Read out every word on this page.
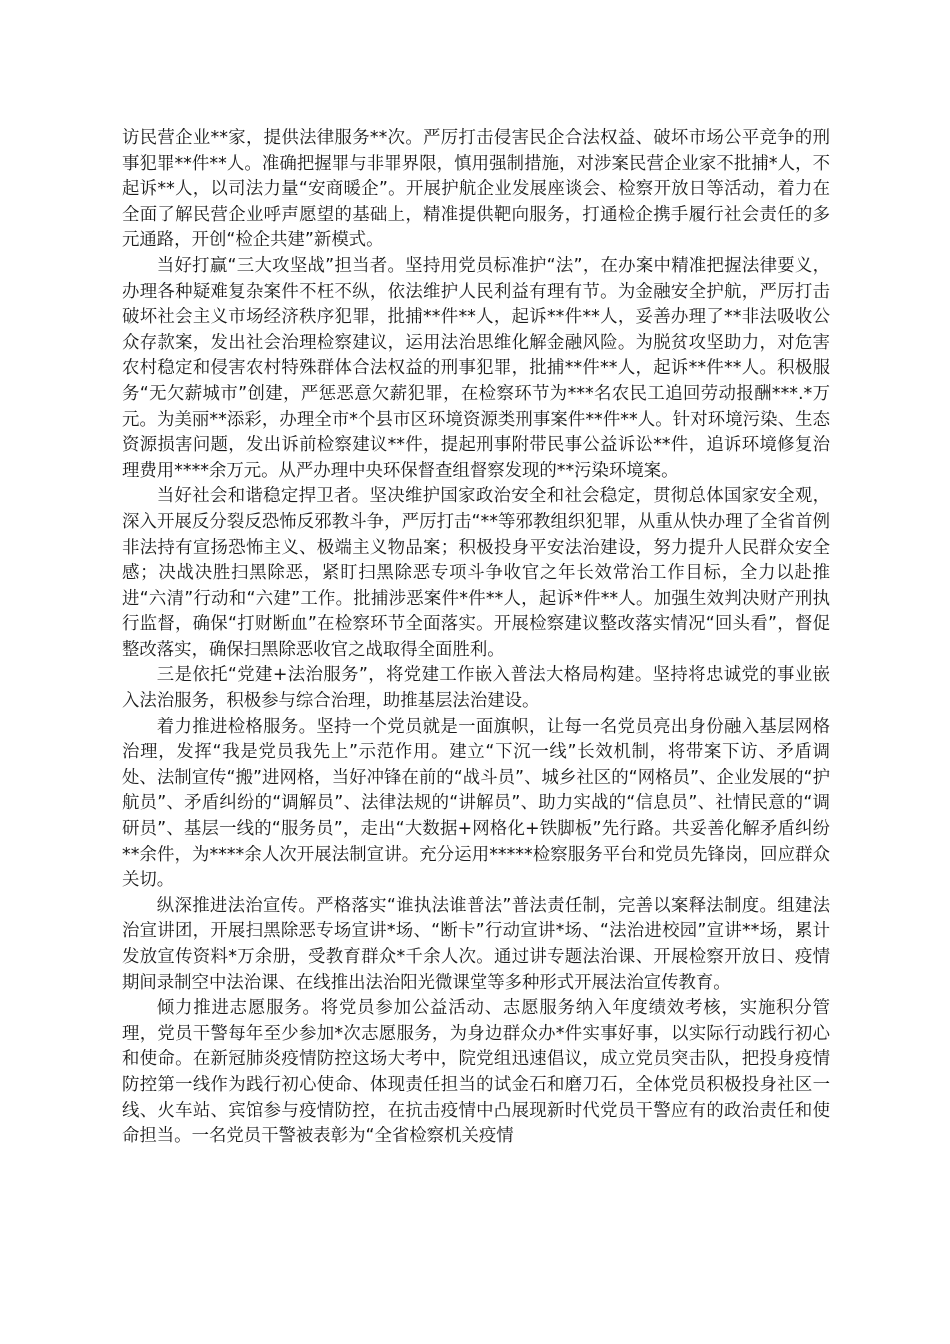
访民营企业**家，提供法律服务**次。严厉打击侵害民企合法权益、破坏市场公平竞争的刑事犯罪**件**人。准确把握罪与非罪界限，慎用强制措施，对涉案民营企业家不批捕*人，不起诉**人，以司法力量“安商暖企”。开展护航企业发展座谈会、检察开放日等活动，着力在全面了解民营企业呼声愿望的基础上，精准提供靶向服务，打通检企携手履行社会责任的多元通路，开创“检企共建”新模式。

当好打赢“三大攻坚战”担当者。坚持用党员标准护“法”，在办案中精准把握法律要义，办理各种疑难复杂案件不枉不纵，依法维护人民利益有理有节。为金融安全护航，严厉打击破坏社会主义市场经济秩序犯罪，批捕**件**人，起诉**件**人，妥善办理了**非法吸收公众存款案，发出社会治理检察建议，运用法治思维化解金融风险。为脱贫攻坚助力，对危害农村稳定和侵害农村特殊群体合法权益的刑事犯罪，批捕**件**人，起诉**件**人。积极服务“无欠薪城市”创建，严惩恶意欠薪犯罪，在检察环节为***名农民工追回劳动报酬***.*万元。为美丽**添彩，办理全市*个县市区环境资源类刑事案件**件**人。针对环境污染、生态资源损害问题，发出诉前检察建议**件，提起刑事附带民事公益诉讼**件，追诉环境修复治理费用****余万元。从严办理中央环保督查组督察发现的**污染环境案。

当好社会和谐稳定捍卫者。坚决维护国家政治安全和社会稳定，贯彻总体国家安全观，深入开展反分裂反恐怖反邪教斗争，严厉打击“**等邪教组织犯罪，从重从快办理了全省首例非法持有宣扬恐怖主义、极端主义物品案；积极投身平安法治建设，努力提升人民群众安全感；决战决胜扫黑除恶，紧盯扫黑除恶专项斗争收官之年长效常治工作目标，全力以赴推进“六清”行动和“六建”工作。批捕涉恶案件*件**人，起诉*件**人。加强生效判决财产刑执行监督，确保“打财断血”在检察环节全面落实。开展检察建议整改落实情况“回头看”，督促整改落实，确保扫黑除恶收官之战取得全面胜利。

三是依托“党建+法治服务”，将党建工作嵌入普法大格局构建。坚持将忠诚党的事业嵌入法治服务，积极参与综合治理，助推基层法治建设。

着力推进检格服务。坚持一个党员就是一面旗帜，让每一名党员亮出身份融入基层网格治理，发挥“我是党员我先上”示范作用。建立“下沉一线”长效机制，将带案下访、矛盾调处、法制宣传“搬”进网格，当好冲锋在前的“战斗员”、城乡社区的“网格员”、企业发展的“护航员”、矛盾纠纷的“调解员”、法律法规的“讲解员”、助力实战的“信息员”、社情民意的“调研员”、基层一线的“服务员”，走出“大数据+网格化+铁脚板”先行路。共妥善化解矛盾纠纷**余件，为****余人次开展法制宣讲。充分运用*****检察服务平台和党员先锋岗，回应群众关切。

纵深推进法治宣传。严格落实“谁执法谁普法”普法责任制，完善以案释法制度。组建法治宣讲团，开展扫黑除恶专场宣讲*场、“断卡”行动宣讲*场、“法治进校园”宣讲**场，累计发放宣传资料*万余册，受教育群众*千余人次。通过讲专题法治课、开展检察开放日、疫情期间录制空中法治课、在线推出法治阳光微课堂等多种形式开展法治宣传教育。

倾力推进志愿服务。将党员参加公益活动、志愿服务纳入年度绩效考核，实施积分管理，党员干警每年至少参加*次志愿服务，为身边群众办*件实事好事，以实际行动践行初心和使命。在新冠肺炎疫情防控这场大考中，院党组迅速倡议，成立党员突击队，把投身疫情防控第一线作为践行初心使命、体现责任担当的试金石和磨刀石，全体党员积极投身社区一线、火车站、宾馆参与疫情防控，在抗击疫情中凸展现新时代党员干警应有的政治责任和使命担当。一名党员干警被表彰为“全省检察机关疫情
